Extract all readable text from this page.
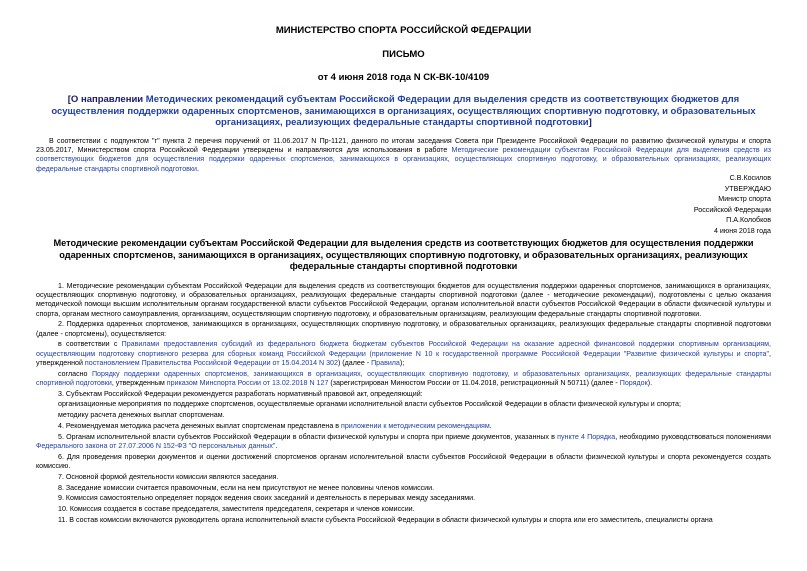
МИНИСТЕРСТВО СПОРТА РОССИЙСКОЙ ФЕДЕРАЦИИ
ПИСЬМО
от 4 июня 2018 года N СК-ВК-10/4109
[О направлении Методических рекомендаций субъектам Российской Федерации для выделения средств из соответствующих бюджетов для осуществления поддержки одаренных спортсменов, занимающихся в организациях, осуществляющих спортивную подготовку, и образовательных организациях, реализующих федеральные стандарты спортивной подготовки]
В соответствии с подпунктом "г" пункта 2 перечня поручений от 11.06.2017 N Пр-1121, данного по итогам заседания Совета при Президенте Российской Федерации по развитию физической культуры и спорта 23.05.2017, Министерством спорта Российской Федерации утверждены и направляются для использования в работе Методические рекомендации субъектам Российской Федерации для выделения средств из соответствующих бюджетов для осуществления поддержки одаренных спортсменов, занимающихся в организациях, осуществляющих спортивную подготовку, и образовательных организациях, реализующих федеральные стандарты спортивной подготовки.
С.В.Косилов
УТВЕРЖДАЮ
Министр спорта
Российской Федерации
П.А.Колобков
4 июня 2018 года
Методические рекомендации субъектам Российской Федерации для выделения средств из соответствующих бюджетов для осуществления поддержки одаренных спортсменов, занимающихся в организациях, осуществляющих спортивную подготовку, и образовательных организациях, реализующих федеральные стандарты спортивной подготовки

1. Методические рекомендации субъектам Российской Федерации для выделения средств из соответствующих бюджетов для осуществления поддержки одаренных спортсменов, занимающихся в организациях, осуществляющих спортивную подготовку, и образовательных организациях, реализующих федеральные стандарты спортивной подготовки (далее - методические рекомендации), подготовлены с целью оказания методической помощи высшим исполнительным органам государственной власти субъектов Российской Федерации, органам исполнительной власти субъектов Российской Федерации в области физической культуры и спорта, органам местного самоуправления, организациям, осуществляющим спортивную подготовку, и образовательным организациям, реализующим федеральные стандарты спортивной подготовки.

2. Поддержка одаренных спортсменов, занимающихся в организациях, осуществляющих спортивную подготовку, и образовательных организациях, реализующих федеральные стандарты спортивной подготовки (далее - спортсмены), осуществляется:

в соответствии с Правилами предоставления субсидий из федерального бюджета бюджетам субъектов Российской Федерации на оказание адресной финансовой поддержки спортивным организациям, осуществляющим подготовку спортивного резерва для сборных команд Российской Федерации (приложение N 10 к государственной программе Российской Федерации "Развитие физической культуры и спорта", утвержденной постановлением Правительства Российской Федерации от 15.04.2014 N 302) (далее - Правила);

согласно Порядку поддержки одаренных спортсменов, занимающихся в организациях, осуществляющих спортивную подготовку, и образовательных организациях, реализующих федеральные стандарты спортивной подготовки, утвержденным приказом Минспорта России от 13.02.2018 N 127 (зарегистрирован Минюстом России от 11.04.2018, регистрационный N 50711) (далее - Порядок).

3. Субъектам Российской Федерации рекомендуется разработать нормативный правовой акт, определяющий:

организационные мероприятия по поддержке спортсменов, осуществляемые органами исполнительной власти субъектов Российской Федерации в области физической культуры и спорта;

методику расчета денежных выплат спортсменам.

4. Рекомендуемая методика расчета денежных выплат спортсменам представлена в приложении к методическим рекомендациям.

5. Органам исполнительной власти субъектов Российской Федерации в области физической культуры и спорта при приеме документов, указанных в пункте 4 Порядка, необходимо руководствоваться положениями Федерального закона от 27.07.2006 N 152-ФЗ "О персональных данных".

6. Для проведения проверки документов и оценки достижений спортсменов органам исполнительной власти субъектов Российской Федерации в области физической культуры и спорта рекомендуется создать комиссию.

7. Основной формой деятельности комиссии являются заседания.

8. Заседание комиссии считается правомочным, если на нем присутствуют не менее половины членов комиссии.

9. Комиссия самостоятельно определяет порядок ведения своих заседаний и деятельность в перерывах между заседаниями.

10. Комиссия создается в составе председателя, заместителя председателя, секретаря и членов комиссии.

11. В состав комиссии включаются руководитель органа исполнительной власти субъекта Российской Федерации в области физической культуры и спорта или его заместитель, специалисты органа
